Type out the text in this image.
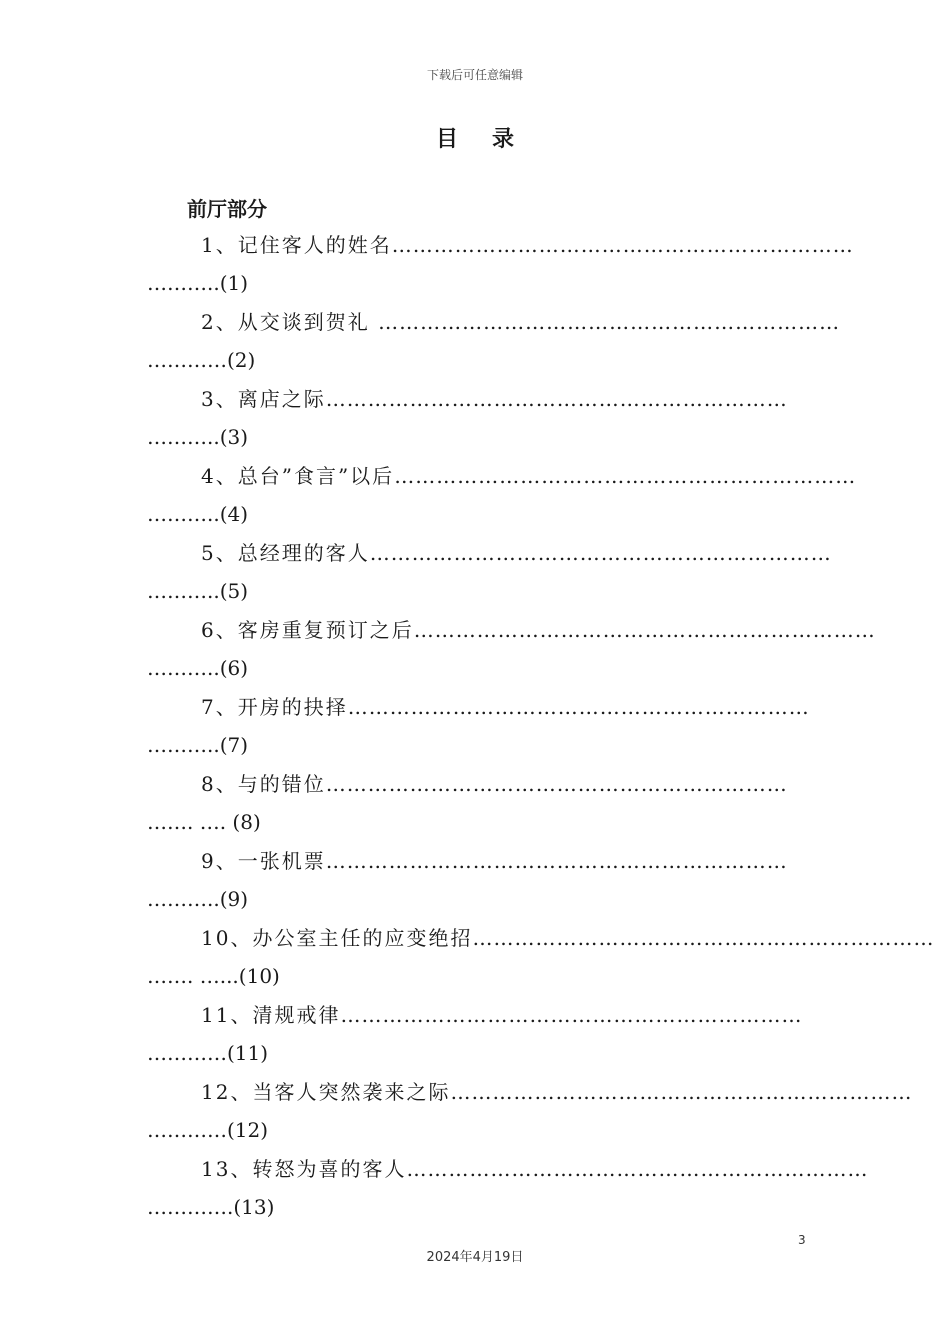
下载后可任意编辑
目录
前厅部分
1、记住客人的姓名…………………………………………………………
………..(1)
2、从交谈到贺礼 …………………………………………………………
…………(2)
3、离店之际…………………………………………………………
………..(3)
4、总台”食言”以后…………………………………………………………
………..(4)
5、总经理的客人…………………………………………………………
………..(5)
6、客房重复预订之后…………………………………………………………
………..(6)
7、开房的抉择…………………………………………………………
………..(7)
8、与的错位…………………………………………………………
……. …. (8)
9、一张机票…………………………………………………………
………..(9)
10、办公室主任的应变绝招…………………………………………………………
……. …...(10)
11、清规戒律…………………………………………………………
…………(11)
12、当客人突然袭来之际…………………………………………………………
…………(12)
13、转怒为喜的客人…………………………………………………………
………….(13)
3
2024年4月19日
